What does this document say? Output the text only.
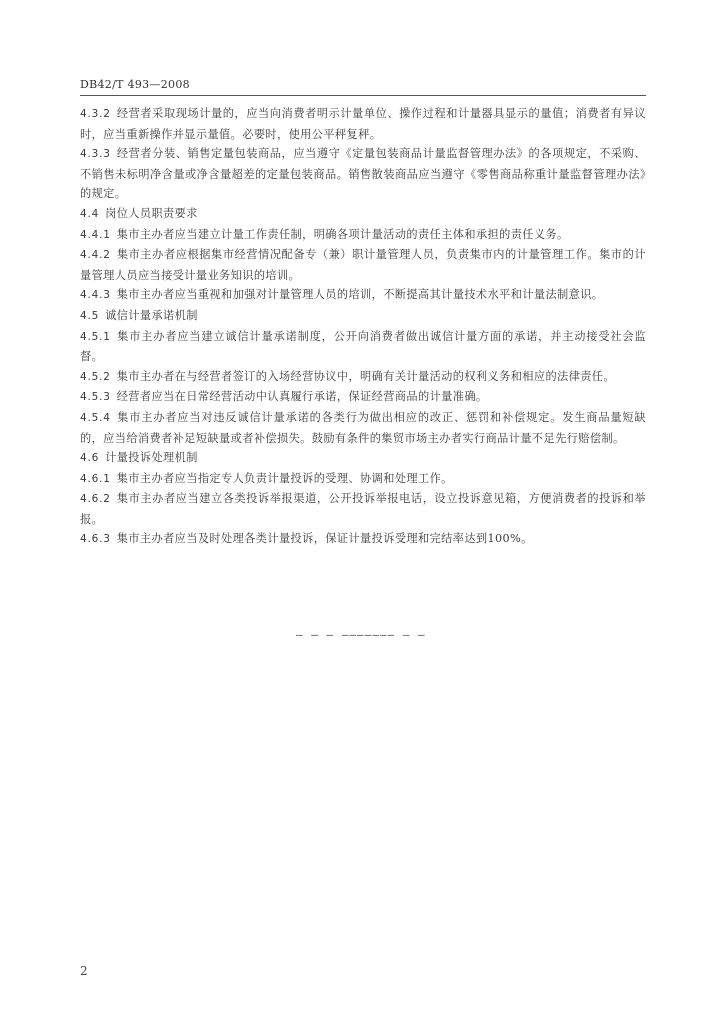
DB42/T 493—2008

4.3.2 经营者采取现场计量的，应当向消费者明示计量单位、操作过程和计量器具显示的量值；消费者有异议时，应当重新操作并显示量值。必要时，使用公平秤复秤。

4.3.3 经营者分装、销售定量包装商品，应当遵守《定量包装商品计量监督管理办法》的各项规定，不采购、不销售未标明净含量或净含量超差的定量包装商品。销售散装商品应当遵守《零售商品称重计量监督管理办法》的规定。

4.4 岗位人员职责要求

4.4.1 集市主办者应当建立计量工作责任制，明确各项计量活动的责任主体和承担的责任义务。

4.4.2 集市主办者应根据集市经营情况配备专（兼）职计量管理人员，负责集市内的计量管理工作。集市的计量管理人员应当接受计量业务知识的培训。

4.4.3 集市主办者应当重视和加强对计量管理人员的培训，不断提高其计量技术水平和计量法制意识。

4.5 诚信计量承诺机制

4.5.1 集市主办者应当建立诚信计量承诺制度，公开向消费者做出诚信计量方面的承诺，并主动接受社会监督。

4.5.2 集市主办者在与经营者签订的入场经营协议中，明确有关计量活动的权利义务和相应的法律责任。

4.5.3 经营者应当在日常经营活动中认真履行承诺，保证经营商品的计量准确。

4.5.4 集市主办者应当对违反诚信计量承诺的各类行为做出相应的改正、惩罚和补偿规定。发生商品量短缺的，应当给消费者补足短缺量或者补偿损失。鼓励有条件的集贸市场主办者实行商品计量不足先行赔偿制。

4.6 计量投诉处理机制

4.6.1 集市主办者应当指定专人负责计量投诉的受理、协调和处理工作。

4.6.2 集市主办者应当建立各类投诉举报渠道，公开投诉举报电话，设立投诉意见箱，方便消费者的投诉和举报。

4.6.3 集市主办者应当及时处理各类计量投诉，保证计量投诉受理和完结率达到100%。

— — — ——————— — —
2
